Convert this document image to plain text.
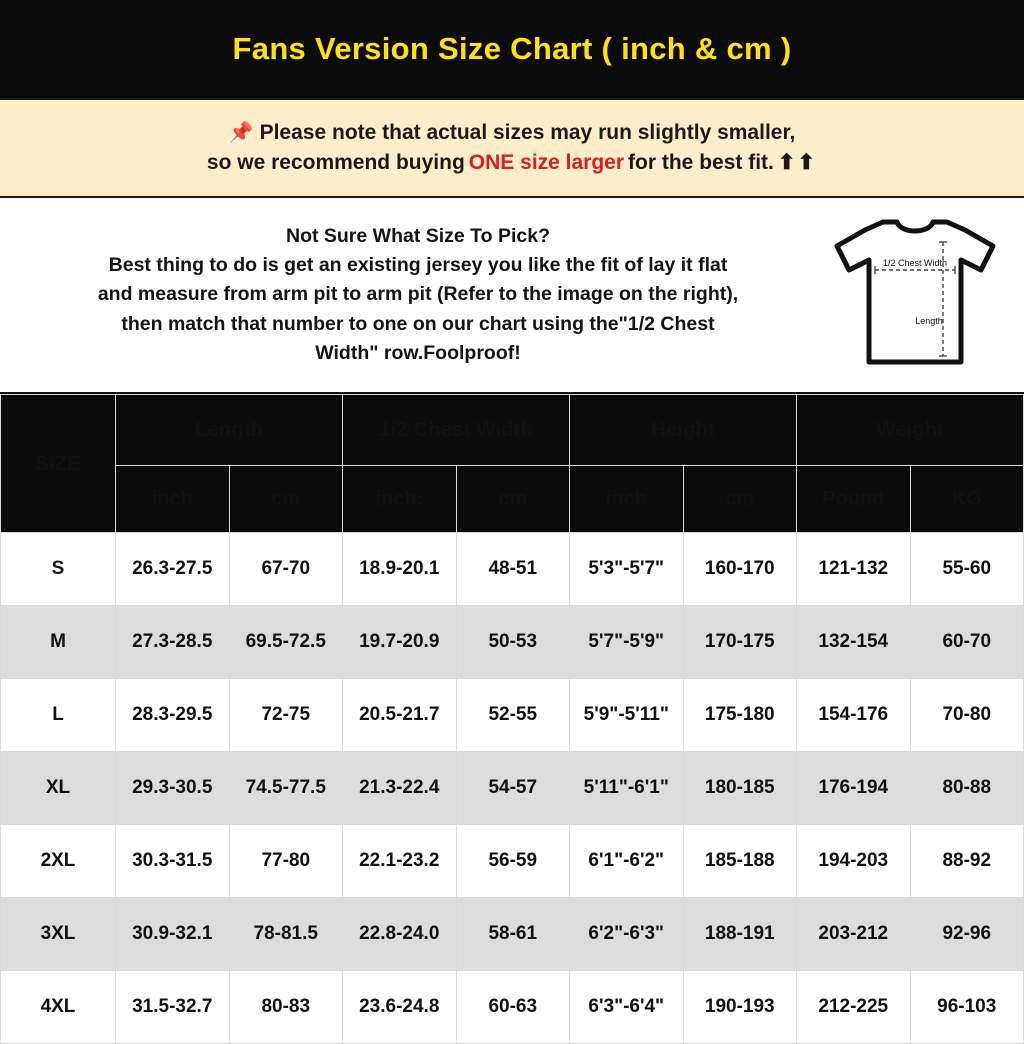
Fans Version Size Chart ( inch & cm )
📌 Please note that actual sizes may run slightly smaller,
so we recommend buying ONE size larger for the best fit. ⬆⬆
Not Sure What Size To Pick?
Best thing to do is get an existing jersey you like the fit of lay it flat
and measure from arm pit to arm pit (Refer to the image on the right),
then match that number to one on our chart using the"1/2 Chest
Width" row.Foolproof!
1/2 Chest Width
Length
SIZE	Length		1/2 Chest Width		Height		Weight	
	inch	cm	inch:	cm	inch	cm	Pound	KG
S	26.3-27.5	67-70	18.9-20.1	48-51	5'3"-5'7"	160-170	121-132	55-60
M	27.3-28.5	69.5-72.5	19.7-20.9	50-53	5'7"-5'9"	170-175	132-154	60-70
L	28.3-29.5	72-75	20.5-21.7	52-55	5'9"-5'11"	175-180	154-176	70-80
XL	29.3-30.5	74.5-77.5	21.3-22.4	54-57	5'11"-6'1"	180-185	176-194	80-88
2XL	30.3-31.5	77-80	22.1-23.2	56-59	6'1"-6'2"	185-188	194-203	88-92
3XL	30.9-32.1	78-81.5	22.8-24.0	58-61	6'2"-6'3"	188-191	203-212	92-96
4XL	31.5-32.7	80-83	23.6-24.8	60-63	6'3"-6'4"	190-193	212-225	96-103
